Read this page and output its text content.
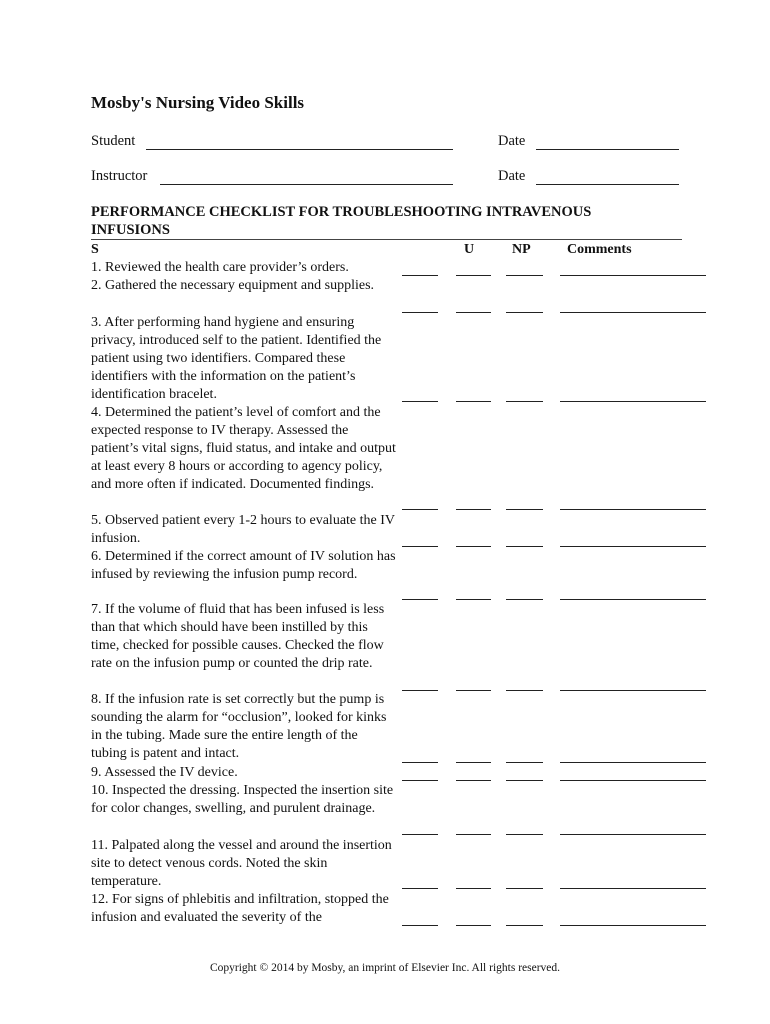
Mosby's Nursing Video Skills
Student	Date
Instructor	Date
PERFORMANCE CHECKLIST FOR TROUBLESHOOTING INTRAVENOUS
INFUSIONS
S	U	NP	Comments
1. Reviewed the health care provider’s orders.
2. Gathered the necessary equipment and supplies.
3. After performing hand hygiene and ensuring privacy, introduced self to the patient. Identified the patient using two identifiers. Compared these identifiers with the information on the patient’s identification bracelet.
4. Determined the patient’s level of comfort and the expected response to IV therapy. Assessed the patient’s vital signs, fluid status, and intake and output at least every 8 hours or according to agency policy, and more often if indicated. Documented findings.
5. Observed patient every 1-2 hours to evaluate the IV infusion.
6. Determined if the correct amount of IV solution has infused by reviewing the infusion pump record.
7. If the volume of fluid that has been infused is less than that which should have been instilled by this time, checked for possible causes. Checked the flow rate on the infusion pump or counted the drip rate.
8. If the infusion rate is set correctly but the pump is sounding the alarm for “occlusion”, looked for kinks in the tubing. Made sure the entire length of the tubing is patent and intact.
9. Assessed the IV device.
10. Inspected the dressing. Inspected the insertion site for color changes, swelling, and purulent drainage.
11. Palpated along the vessel and around the insertion site to detect venous cords. Noted the skin temperature.
12. For signs of phlebitis and infiltration, stopped the infusion and evaluated the severity of the
Copyright © 2014 by Mosby, an imprint of Elsevier Inc. All rights reserved.
